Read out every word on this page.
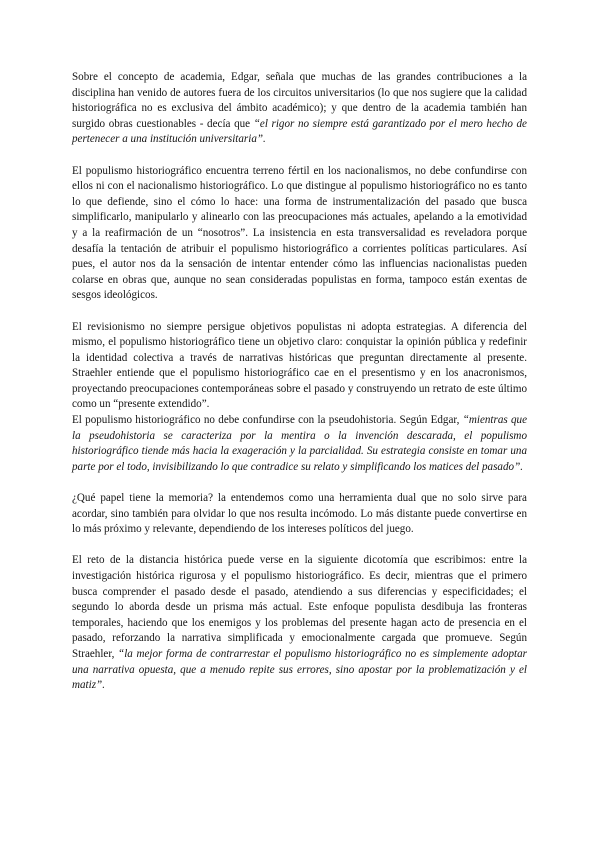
Sobre el concepto de academia, Edgar, señala que muchas de las grandes contribuciones a la disciplina han venido de autores fuera de los circuitos universitarios (lo que nos sugiere que la calidad historiográfica no es exclusiva del ámbito académico); y que dentro de la academia también han surgido obras cuestionables - decía que “el rigor no siempre está garantizado por el mero hecho de pertenecer a una institución universitaria”.

El populismo historiográfico encuentra terreno fértil en los nacionalismos, no debe confundirse con ellos ni con el nacionalismo historiográfico. Lo que distingue al populismo historiográfico no es tanto lo que defiende, sino el cómo lo hace: una forma de instrumentalización del pasado que busca simplificarlo, manipularlo y alinearlo con las preocupaciones más actuales, apelando a la emotividad y a la reafirmación de un “nosotros”. La insistencia en esta transversalidad es reveladora porque desafía la tentación de atribuir el populismo historiográfico a corrientes políticas particulares. Así pues, el autor nos da la sensación de intentar entender cómo las influencias nacionalistas pueden colarse en obras que, aunque no sean consideradas populistas en forma, tampoco están exentas de sesgos ideológicos.

El revisionismo no siempre persigue objetivos populistas ni adopta estrategias. A diferencia del mismo, el populismo historiográfico tiene un objetivo claro: conquistar la opinión pública y redefinir la identidad colectiva a través de narrativas históricas que preguntan directamente al presente. Straehler entiende que el populismo historiográfico cae en el presentismo y en los anacronismos, proyectando preocupaciones contemporáneas sobre el pasado y construyendo un retrato de este último como un “presente extendido”.

El populismo historiográfico no debe confundirse con la pseudohistoria. Según Edgar, “mientras que la pseudohistoria se caracteriza por la mentira o la invención descarada, el populismo historiográfico tiende más hacia la exageración y la parcialidad. Su estrategia consiste en tomar una parte por el todo, invisibilizando lo que contradice su relato y simplificando los matices del pasado”.

¿Qué papel tiene la memoria? la entendemos como una herramienta dual que no solo sirve para acordar, sino también para olvidar lo que nos resulta incómodo. Lo más distante puede convertirse en lo más próximo y relevante, dependiendo de los intereses políticos del juego.

El reto de la distancia histórica puede verse en la siguiente dicotomía que escribimos: entre la investigación histórica rigurosa y el populismo historiográfico. Es decir, mientras que el primero busca comprender el pasado desde el pasado, atendiendo a sus diferencias y especificidades; el segundo lo aborda desde un prisma más actual. Este enfoque populista desdibuja las fronteras temporales, haciendo que los enemigos y los problemas del presente hagan acto de presencia en el pasado, reforzando la narrativa simplificada y emocionalmente cargada que promueve. Según Straehler, “la mejor forma de contrarrestar el populismo historiográfico no es simplemente adoptar una narrativa opuesta, que a menudo repite sus errores, sino apostar por la problematización y el matiz”.
